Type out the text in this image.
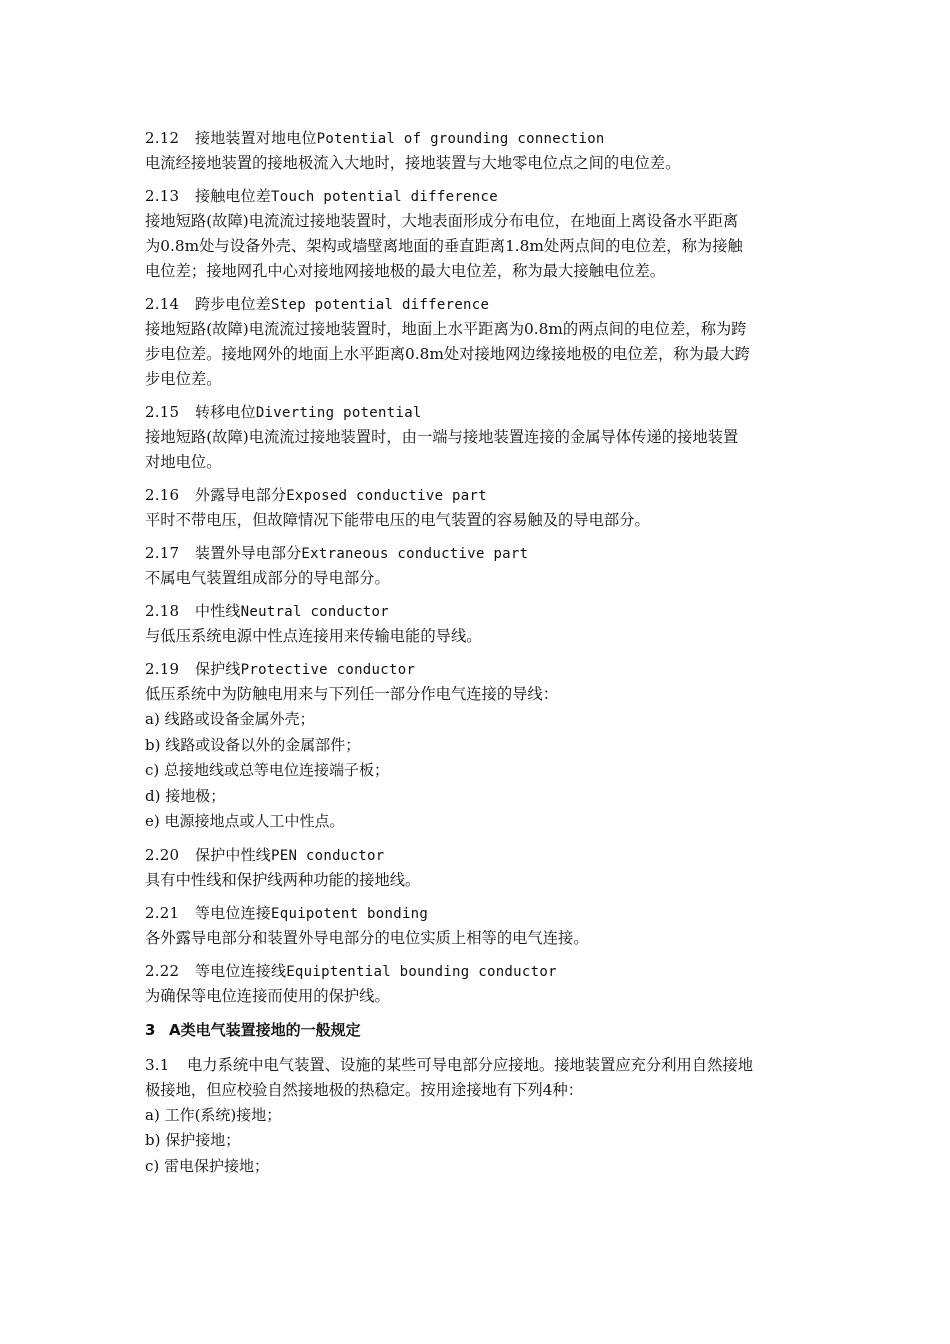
2.12 接地装置对地电位Potential of grounding connection

电流经接地装置的接地极流入大地时，接地装置与大地零电位点之间的电位差。

2.13 接触电位差Touch potential difference

接地短路(故障)电流流过接地装置时，大地表面形成分布电位，在地面上离设备水平距离

为0.8m处与设备外壳、架构或墙壁离地面的垂直距离1.8m处两点间的电位差，称为接触

电位差；接地网孔中心对接地网接地极的最大电位差，称为最大接触电位差。

2.14 跨步电位差Step potential difference

接地短路(故障)电流流过接地装置时，地面上水平距离为0.8m的两点间的电位差，称为跨

步电位差。接地网外的地面上水平距离0.8m处对接地网边缘接地极的电位差，称为最大跨

步电位差。

2.15 转移电位Diverting potential

接地短路(故障)电流流过接地装置时，由一端与接地装置连接的金属导体传递的接地装置

对地电位。

2.16 外露导电部分Exposed conductive part

平时不带电压，但故障情况下能带电压的电气装置的容易触及的导电部分。

2.17 装置外导电部分Extraneous conductive part

不属电气装置组成部分的导电部分。

2.18 中性线Neutral conductor

与低压系统电源中性点连接用来传输电能的导线。

2.19 保护线Protective conductor

低压系统中为防触电用来与下列任一部分作电气连接的导线：

a) 线路或设备金属外壳；

b) 线路或设备以外的金属部件；

c) 总接地线或总等电位连接端子板；

d) 接地极；

e) 电源接地点或人工中性点。

2.20 保护中性线PEN conductor

具有中性线和保护线两种功能的接地线。

2.21 等电位连接Equipotent bonding

各外露导电部分和装置外导电部分的电位实质上相等的电气连接。

2.22 等电位连接线Equiptential bounding conductor

为确保等电位连接而使用的保护线。

3 A类电气装置接地的一般规定

3.1 电力系统中电气装置、设施的某些可导电部分应接地。接地装置应充分利用自然接地

极接地，但应校验自然接地极的热稳定。按用途接地有下列4种：

a) 工作(系统)接地；

b) 保护接地；

c) 雷电保护接地；
